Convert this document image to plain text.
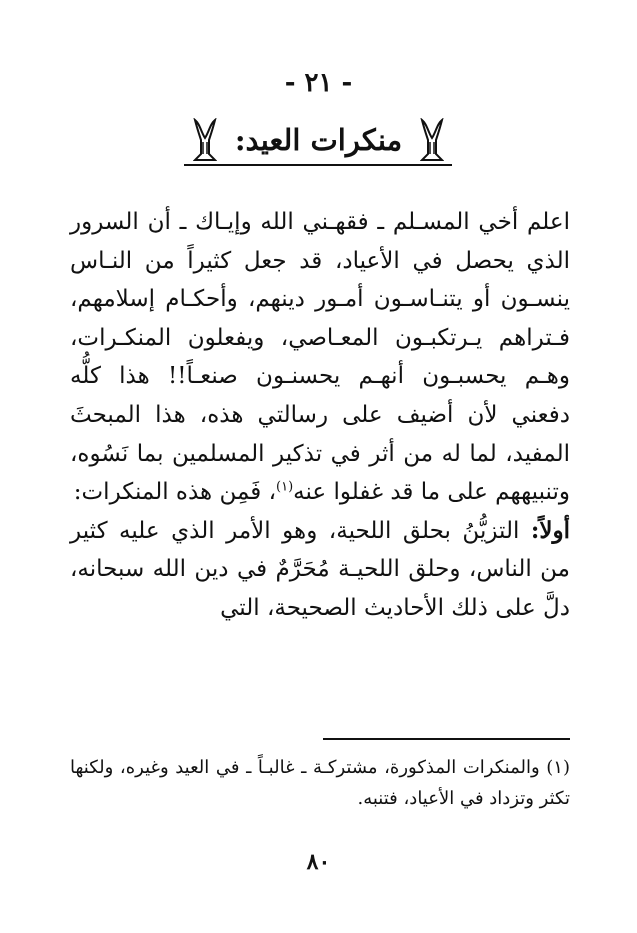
- ٢١ -
منكرات العيد:

اعلم أخي المسـلم ـ فقهـني الله وإيـاك ـ أن السرور الذي يحصل في الأعياد، قد جعل كثيراً من النـاس ينسـون أو يتنـاسـون أمـور دينهم، وأحكـام إسلامهم، فـتراهم يـرتكبـون المعـاصي، ويفعلون المنكـرات، وهـم يحسبـون أنهـم يحسنـون صنعـاً!! هذا كلُّه دفعني لأن أضيف على رسالتي هذه، هذا المبحثَ المفيد، لما له من أثر في تذكير المسلمين بما نَسُوه، وتنبيههم على ما قد غفلوا عنه$^{(١)}$، فَمِن هذه المنكرات:

أولاً: التزيُّنُ بحلق اللحية، وهو الأمر الذي عليه كثير من الناس، وحلق اللحيـة مُحَرَّمٌ في دين الله سبحانه، دلَّ على ذلك الأحاديث الصحيحة، التي

(١) والمنكرات المذكورة، مشتركـة ـ غالبـاً ـ في العيد وغيره، ولكنها تكثر وتزداد في الأعياد، فتنبه.
٨٠
